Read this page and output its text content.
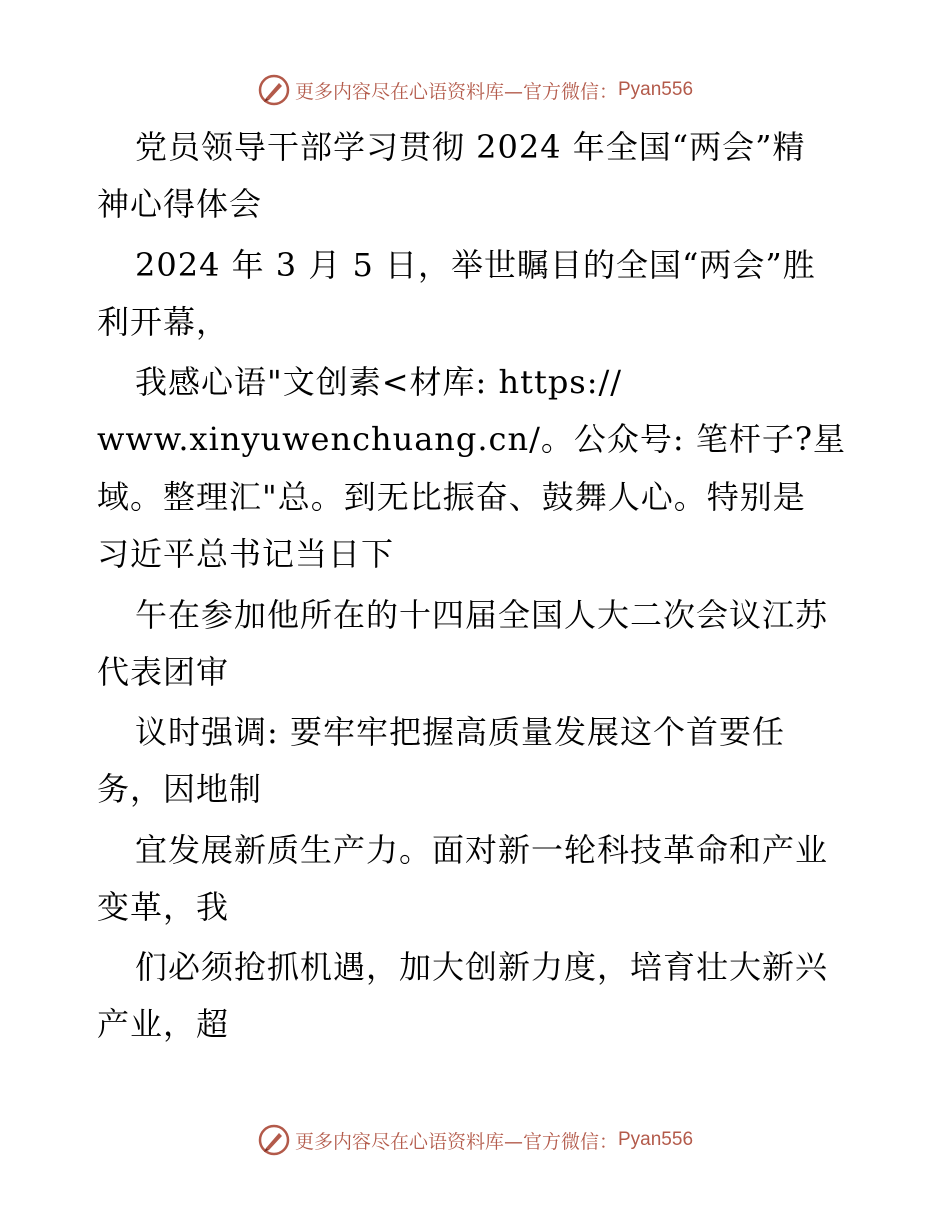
更多内容尽在心语资料库—官方微信： Pyan556
党员领导干部学习贯彻 2024 年全国“两会”精
神心得体会
2024 年 3 月 5 日，举世瞩目的全国“两会”胜
利开幕，
我感心语"文创素<材库: https://
www.xinyuwenchuang.cn/。公众号: 笔杆子?星
域。整理汇"总。到无比振奋、鼓舞人心。特别是
习近平总书记当日下
午在参加他所在的十四届全国人大二次会议江苏
代表团审
议时强调: 要牢牢把握高质量发展这个首要任
务，因地制
宜发展新质生产力。面对新一轮科技革命和产业
变革，我
们必须抢抓机遇，加大创新力度，培育壮大新兴
产业，超
更多内容尽在心语资料库—官方微信： Pyan556
